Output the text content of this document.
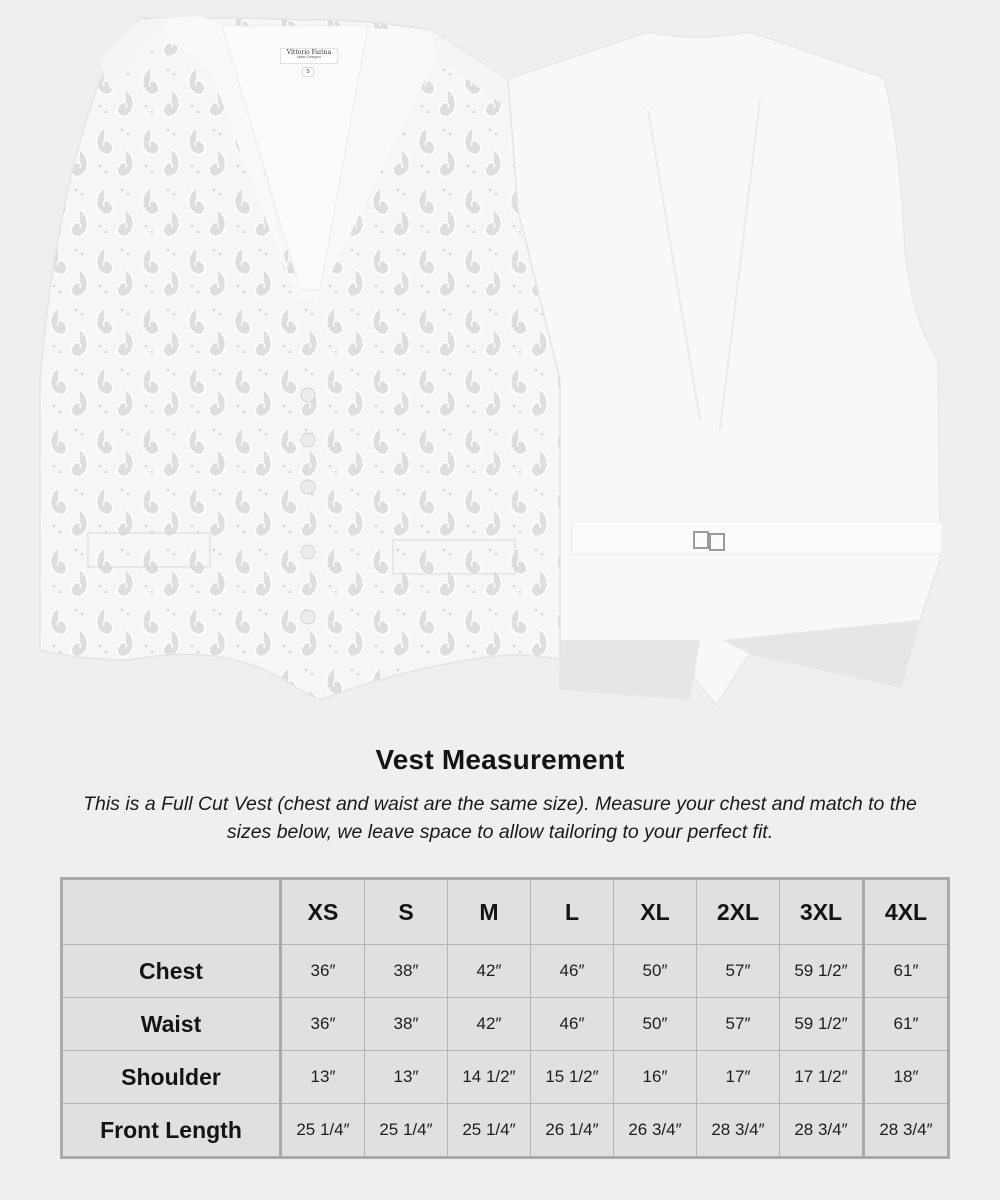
Vittorio Farina
Italian Designer
S
Vest Measurement

This is a Full Cut Vest (chest and waist are the same size). Measure your chest and match to the sizes below, we leave space to allow tailoring to your perfect fit.

	XS	S	M	L	XL	2XL	3XL	4XL
Chest	36″	38″	42″	46″	50″	57″	59 1/2″	61″
Waist	36″	38″	42″	46″	50″	57″	59 1/2″	61″
Shoulder	13″	13″	14 1/2″	15 1/2″	16″	17″	17 1/2″	18″
Front Length	25 1/4″	25 1/4″	25 1/4″	26 1/4″	26 3/4″	28 3/4″	28 3/4″	28 3/4″
